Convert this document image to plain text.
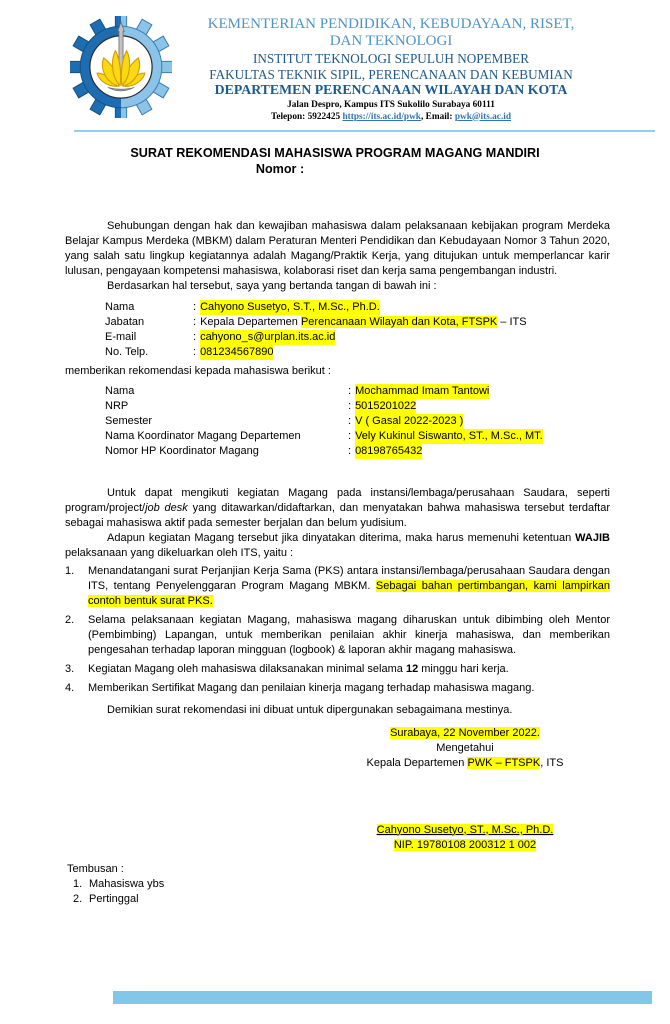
KEMENTERIAN PENDIDIKAN, KEBUDAYAAN, RISET,
DAN TEKNOLOGI
INSTITUT TEKNOLOGI SEPULUH NOPEMBER
FAKULTAS TEKNIK SIPIL, PERENCANAAN DAN KEBUMIAN
DEPARTEMEN PERENCANAAN WILAYAH DAN KOTA
Jalan Despro, Kampus ITS Sukolilo Surabaya 60111
Telepon: 5922425 https://its.ac.id/pwk, Email: pwk@its.ac.id
SURAT REKOMENDASI MAHASISWA PROGRAM MAGANG MANDIRI
Nomor :

Sehubungan dengan hak dan kewajiban mahasiswa dalam pelaksanaan kebijakan program Merdeka Belajar Kampus Merdeka (MBKM) dalam Peraturan Menteri Pendidikan dan Kebudayaan Nomor 3 Tahun 2020, yang salah satu lingkup kegiatannya adalah Magang/Praktik Kerja, yang ditujukan untuk memperlancar karir lulusan, pengayaan kompetensi mahasiswa, kolaborasi riset dan kerja sama pengembangan industri.

Berdasarkan hal tersebut, saya yang bertanda tangan di bawah ini :

Nama	: Cahyono Susetyo, S.T., M.Sc., Ph.D.
Jabatan	: Kepala Departemen Perencanaan Wilayah dan Kota, FTSPK – ITS
E-mail	: cahyono_s@urplan.its.ac.id
No. Telp.	: 081234567890

memberikan rekomendasi kepada mahasiswa berikut :

Nama	: Mochammad Imam Tantowi
NRP	: 5015201022
Semester	: V ( Gasal 2022-2023 )
Nama Koordinator Magang Departemen	: Vely Kukinul Siswanto, ST., M.Sc., MT.
Nomor HP Koordinator Magang	: 08198765432

Untuk dapat mengikuti kegiatan Magang pada instansi/lembaga/perusahaan Saudara, seperti program/project/job desk yang ditawarkan/didaftarkan, dan menyatakan bahwa mahasiswa tersebut terdaftar sebagai mahasiswa aktif pada semester berjalan dan belum yudisium.

Adapun kegiatan Magang tersebut jika dinyatakan diterima, maka harus memenuhi ketentuan WAJIB pelaksanaan yang dikeluarkan oleh ITS, yaitu :

1.	Menandatangani surat Perjanjian Kerja Sama (PKS) antara instansi/lembaga/perusahaan Saudara dengan ITS, tentang Penyelenggaran Program Magang MBKM. Sebagai bahan pertimbangan, kami lampirkan contoh bentuk surat PKS.
2.	Selama pelaksanaan kegiatan Magang, mahasiswa magang diharuskan untuk dibimbing oleh Mentor (Pembimbing) Lapangan, untuk memberikan penilaian akhir kinerja mahasiswa, dan memberikan pengesahan terhadap laporan mingguan (logbook) & laporan akhir magang mahasiswa.
3.	Kegiatan Magang oleh mahasiswa dilaksanakan minimal selama 12 minggu hari kerja.
4.	Memberikan Sertifikat Magang dan penilaian kinerja magang terhadap mahasiswa magang.

Demikian surat rekomendasi ini dibuat untuk dipergunakan sebagaimana mestinya.

Surabaya, 22 November 2022.
Mengetahui
Kepala Departemen PWK – FTSPK, ITS
Cahyono Susetyo, ST., M.Sc., Ph.D.
NIP. 19780108 200312 1 002
Tembusan :
1. Mahasiswa ybs
2. Pertinggal
